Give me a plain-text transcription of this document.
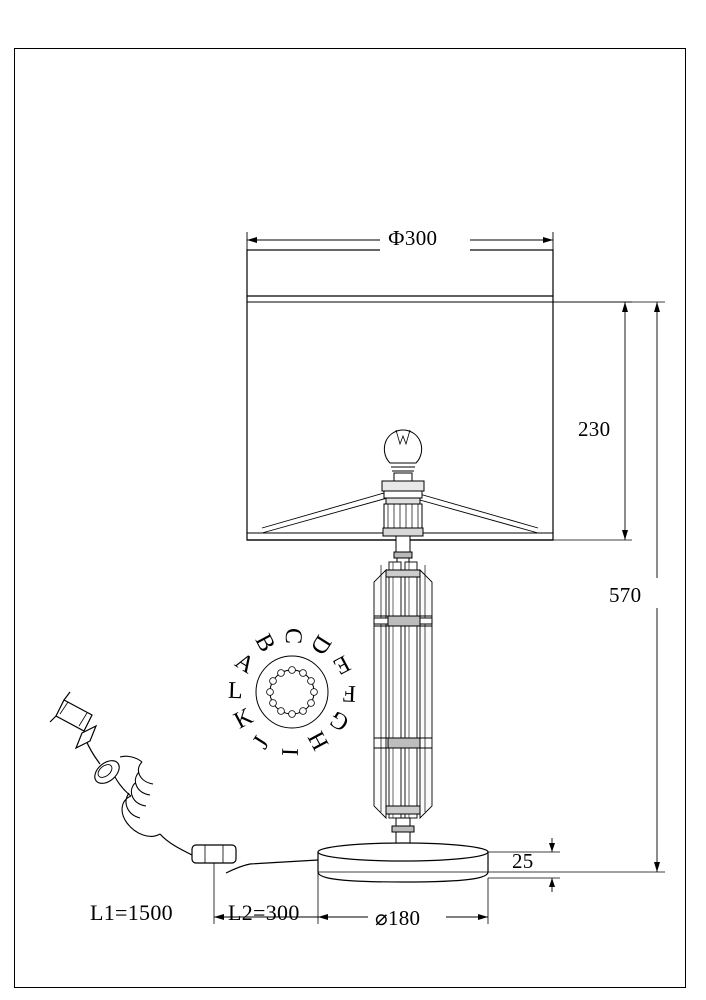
Ф300
230
570
25
⌀180
L1=1500	L2=300
A
B C
D
E
F
G
H
I
J
K
L
